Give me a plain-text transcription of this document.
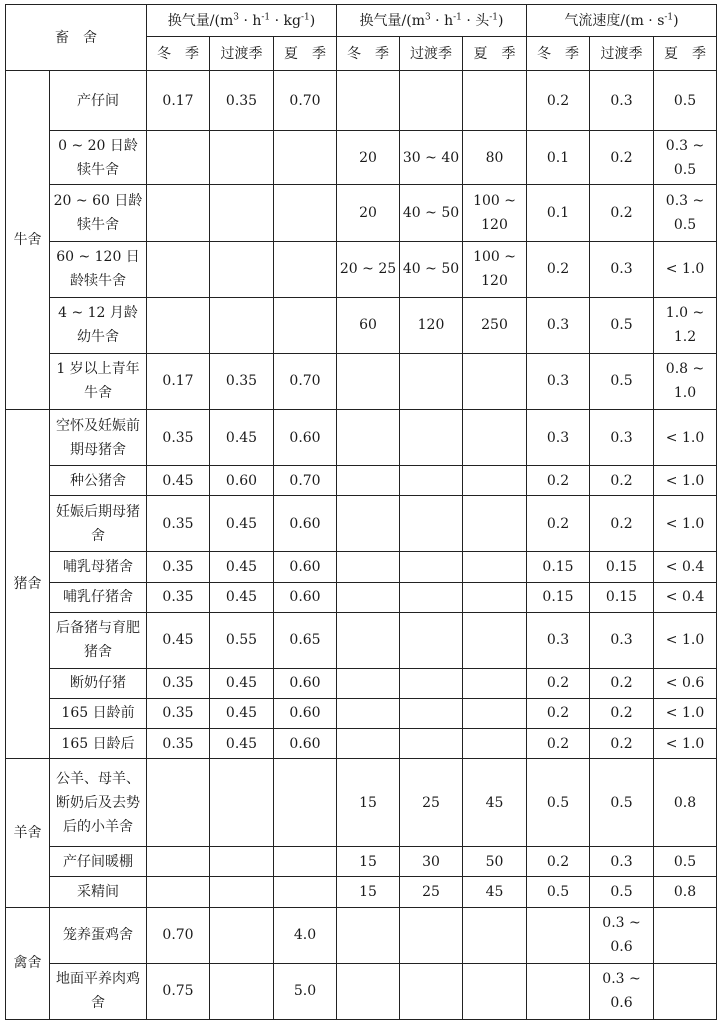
畜　舍		换气量$/(m^3 \cdot h^{-1} \cdot kg^{-1})$			换气量$/(m^3 \cdot h^{-1}$ · 头$^{-1}$)			气流速度$/(m \cdot s^{-1})$		
		冬　季	过渡季	夏　季	冬　季	过渡季	夏　季	冬　季	过渡季	夏　季
牛舍	产仔间	0.17	0.35	0.70				0.2	0.3	0.5
	0 ~ 20 日龄犊牛舍				20	30 ~ 40	80	0.1	0.2	0.3 ~ 0.5
	20 ~ 60 日龄犊牛舍				20	40 ~ 50	100 ~ 120	0.1	0.2	0.3 ~ 0.5
	60 ~ 120 日龄犊牛舍				20 ~ 25	40 ~ 50	100 ~ 120	0.2	0.3	< 1.0
	4 ~ 12 月龄幼牛舍				60	120	250	0.3	0.5	1.0 ~ 1.2
	1 岁以上青年牛舍	0.17	0.35	0.70				0.3	0.5	0.8 ~ 1.0
猪舍	空怀及妊娠前期母猪舍	0.35	0.45	0.60				0.3	0.3	< 1.0
	种公猪舍	0.45	0.60	0.70				0.2	0.2	< 1.0
	妊娠后期母猪舍	0.35	0.45	0.60				0.2	0.2	< 1.0
	哺乳母猪舍	0.35	0.45	0.60				0.15	0.15	< 0.4
	哺乳仔猪舍	0.35	0.45	0.60				0.15	0.15	< 0.4
	后备猪与育肥猪舍	0.45	0.55	0.65				0.3	0.3	< 1.0
	断奶仔猪	0.35	0.45	0.60				0.2	0.2	< 0.6
	165 日龄前	0.35	0.45	0.60				0.2	0.2	< 1.0
	165 日龄后	0.35	0.45	0.60				0.2	0.2	< 1.0
羊舍	公羊、母羊、断奶后及去势后的小羊舍				15	25	45	0.5	0.5	0.8
	产仔间暖棚				15	30	50	0.2	0.3	0.5
	采精间				15	25	45	0.5	0.5	0.8
禽舍	笼养蛋鸡舍	0.70		4.0					0.3 ~ 0.6	
	地面平养肉鸡舍	0.75		5.0					0.3 ~ 0.6	
